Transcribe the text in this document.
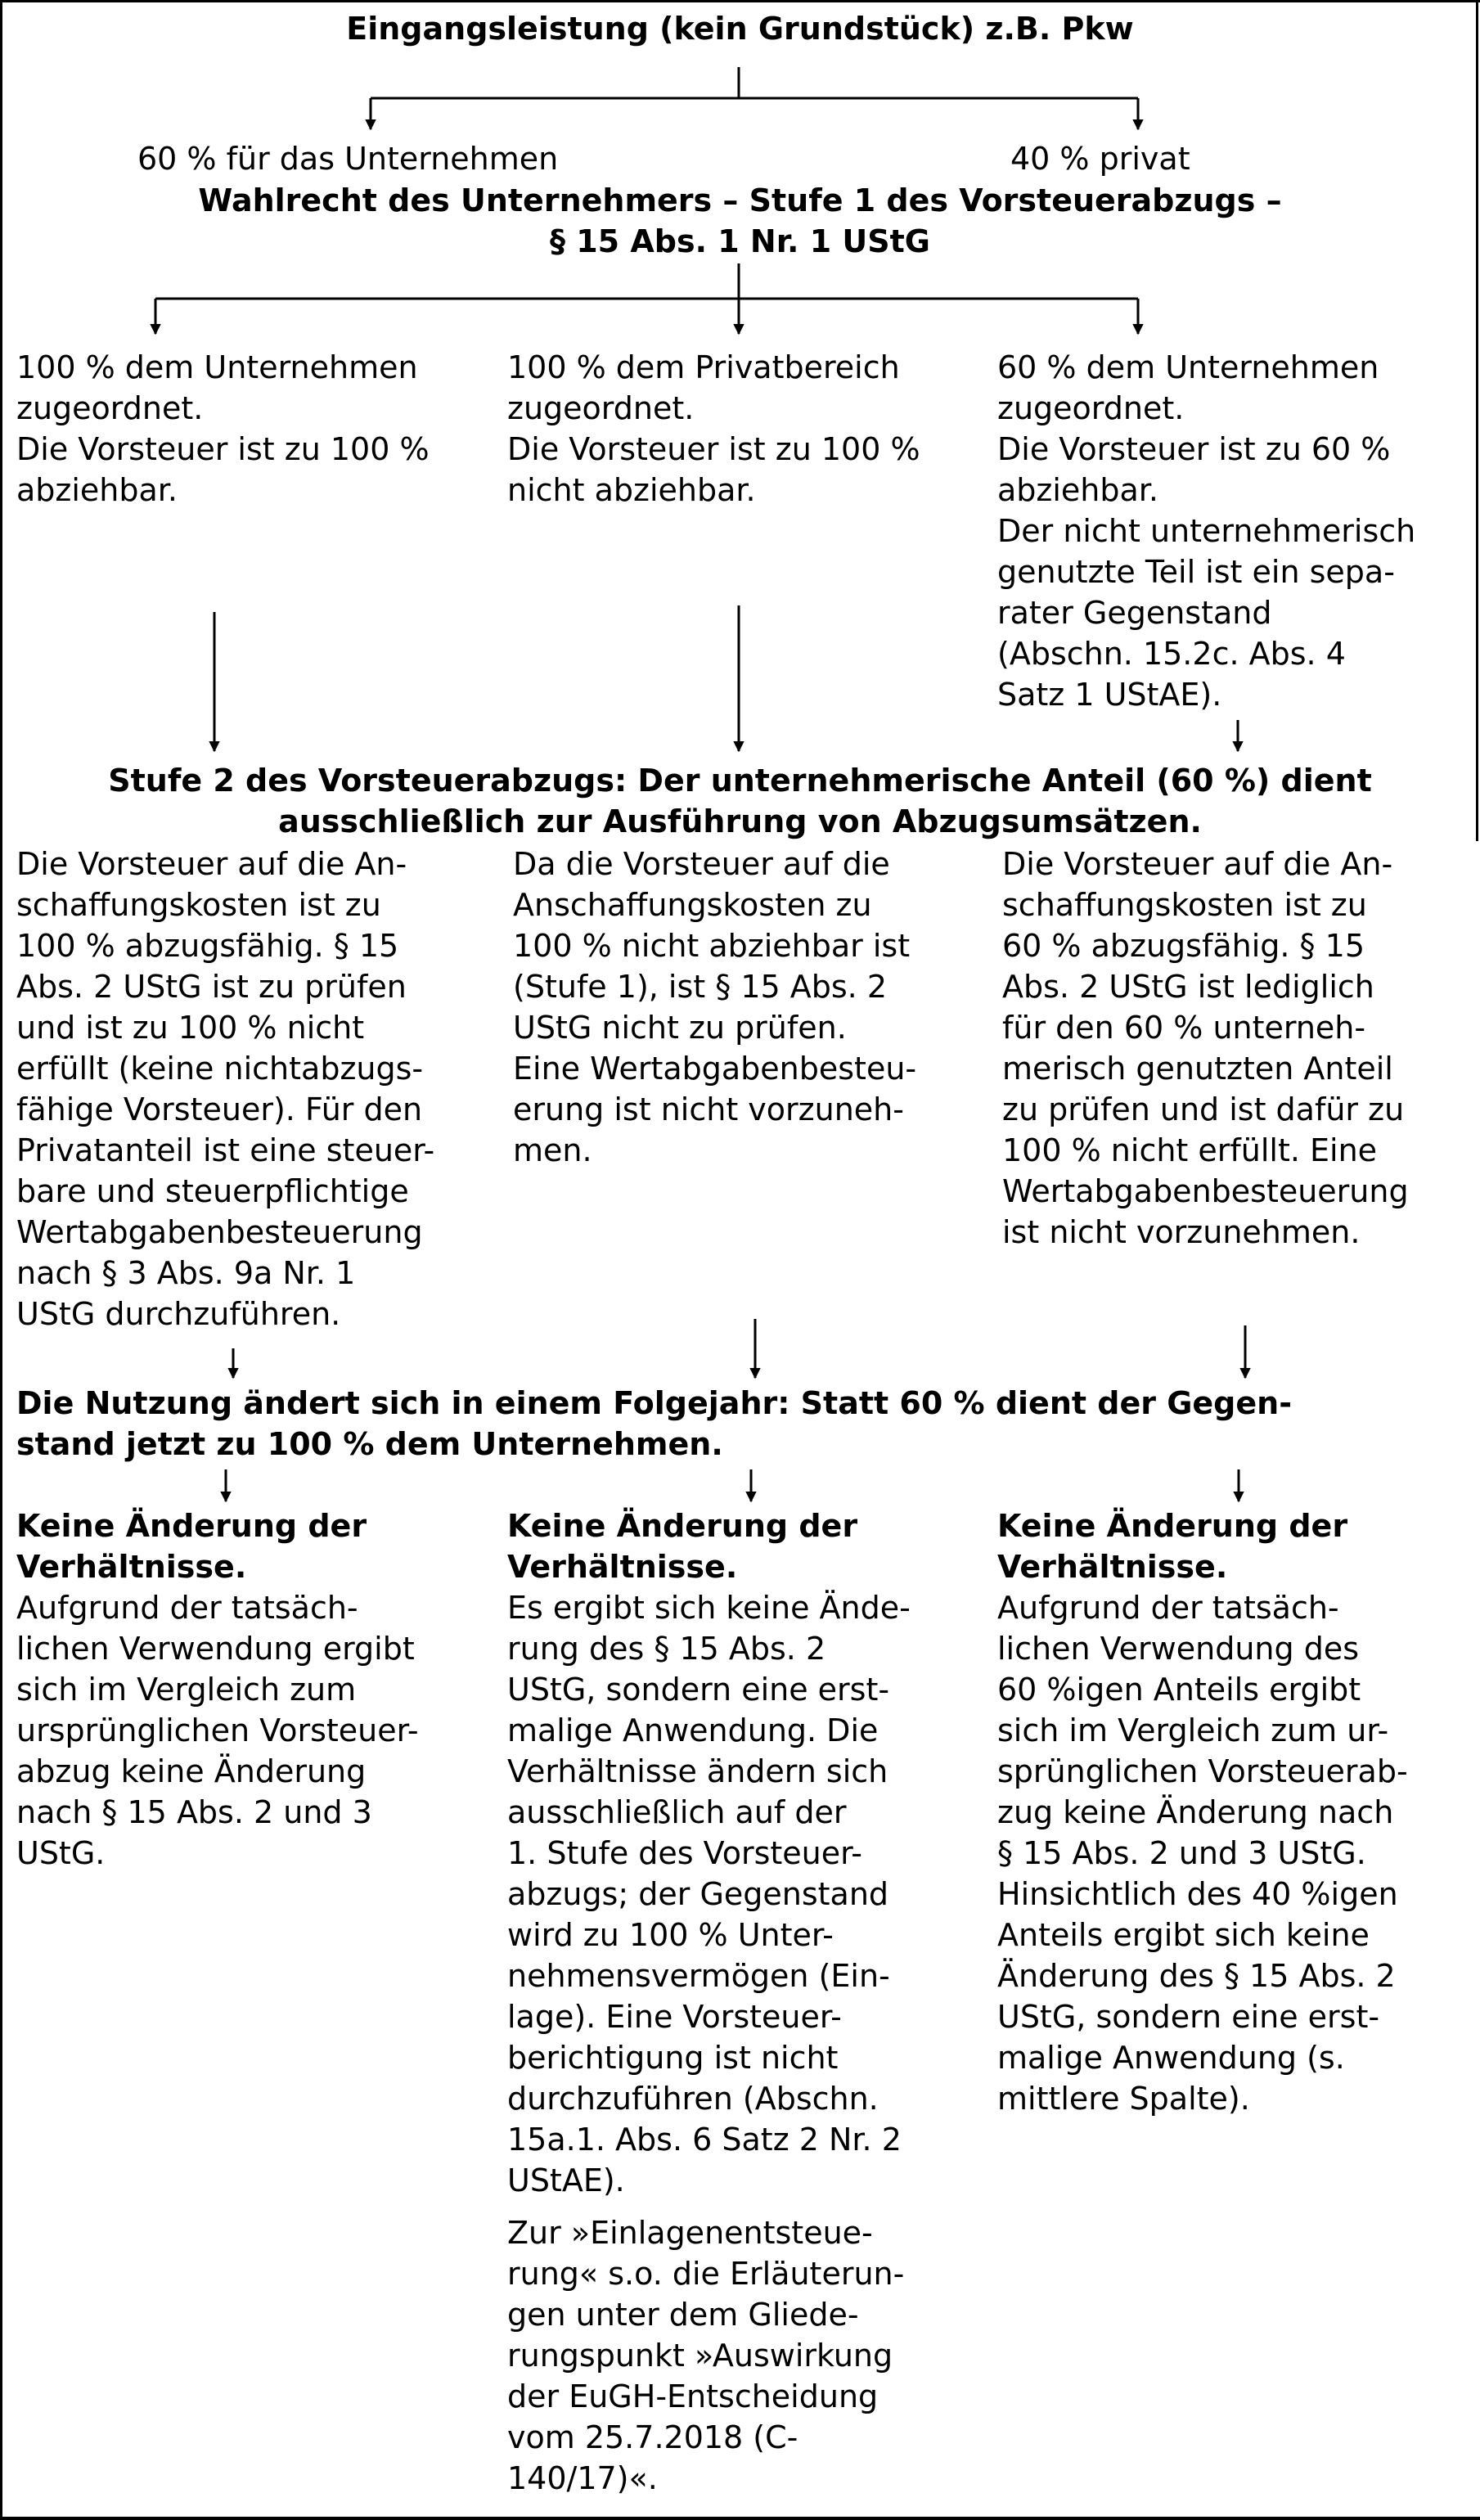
Eingangsleistung (kein Grundstück) z.B. Pkw
60 % für das Unternehmen	40 % privat
Wahlrecht des Unternehmers – Stufe 1 des Vorsteuerabzugs –
§ 15 Abs. 1 Nr. 1 UStG

100 % dem Unternehmen

zugeordnet.

Die Vorsteuer ist zu 100 %

abziehbar.

100 % dem Privatbereich

zugeordnet.

Die Vorsteuer ist zu 100 %

nicht abziehbar.

60 % dem Unternehmen

zugeordnet.

Die Vorsteuer ist zu 60 %

abziehbar.

Der nicht unternehmerisch

genutzte Teil ist ein sepa-

rater Gegenstand

(Abschn. 15.2c. Abs. 4

Satz 1 UStAE).

Stufe 2 des Vorsteuerabzugs: Der unternehmerische Anteil (60 %) dient
ausschließlich zur Ausführung von Abzugsumsätzen.

Die Vorsteuer auf die An-

schaffungskosten ist zu

100 % abzugsfähig. § 15

Abs. 2 UStG ist zu prüfen

und ist zu 100 % nicht

erfüllt (keine nichtabzugs-

fähige Vorsteuer). Für den

Privatanteil ist eine steuer-

bare und steuerpflichtige

Wertabgabenbesteuerung

nach § 3 Abs. 9a Nr. 1

UStG durchzuführen.

Da die Vorsteuer auf die

Anschaffungskosten zu

100 % nicht abziehbar ist

(Stufe 1), ist § 15 Abs. 2

UStG nicht zu prüfen.

Eine Wertabgabenbesteu-

erung ist nicht vorzuneh-

men.

Die Vorsteuer auf die An-

schaffungskosten ist zu

60 % abzugsfähig. § 15

Abs. 2 UStG ist lediglich

für den 60 % unterneh-

merisch genutzten Anteil

zu prüfen und ist dafür zu

100 % nicht erfüllt. Eine

Wertabgabenbesteuerung

ist nicht vorzunehmen.

Die Nutzung ändert sich in einem Folgejahr: Statt 60 % dient der Gegen-
stand jetzt zu 100 % dem Unternehmen.

Keine Änderung der

Verhältnisse.

Aufgrund der tatsäch-

lichen Verwendung ergibt

sich im Vergleich zum

ursprünglichen Vorsteuer-

abzug keine Änderung

nach § 15 Abs. 2 und 3

UStG.

Keine Änderung der

Verhältnisse.

Es ergibt sich keine Ände-

rung des § 15 Abs. 2

UStG, sondern eine erst-

malige Anwendung. Die

Verhältnisse ändern sich

ausschließlich auf der

1. Stufe des Vorsteuer-

abzugs; der Gegenstand

wird zu 100 % Unter-

nehmensvermögen (Ein-

lage). Eine Vorsteuer-

berichtigung ist nicht

durchzuführen (Abschn.

15a.1. Abs. 6 Satz 2 Nr. 2

UStAE).

Zur »Einlagenentsteue-

rung« s.o. die Erläuterun-

gen unter dem Gliede-

rungspunkt »Auswirkung

der EuGH-Entscheidung

vom 25.7.2018 (C-

140/17)«.

Keine Änderung der

Verhältnisse.

Aufgrund der tatsäch-

lichen Verwendung des

60 %igen Anteils ergibt

sich im Vergleich zum ur-

sprünglichen Vorsteuerab-

zug keine Änderung nach

§ 15 Abs. 2 und 3 UStG.

Hinsichtlich des 40 %igen

Anteils ergibt sich keine

Änderung des § 15 Abs. 2

UStG, sondern eine erst-

malige Anwendung (s.

mittlere Spalte).
